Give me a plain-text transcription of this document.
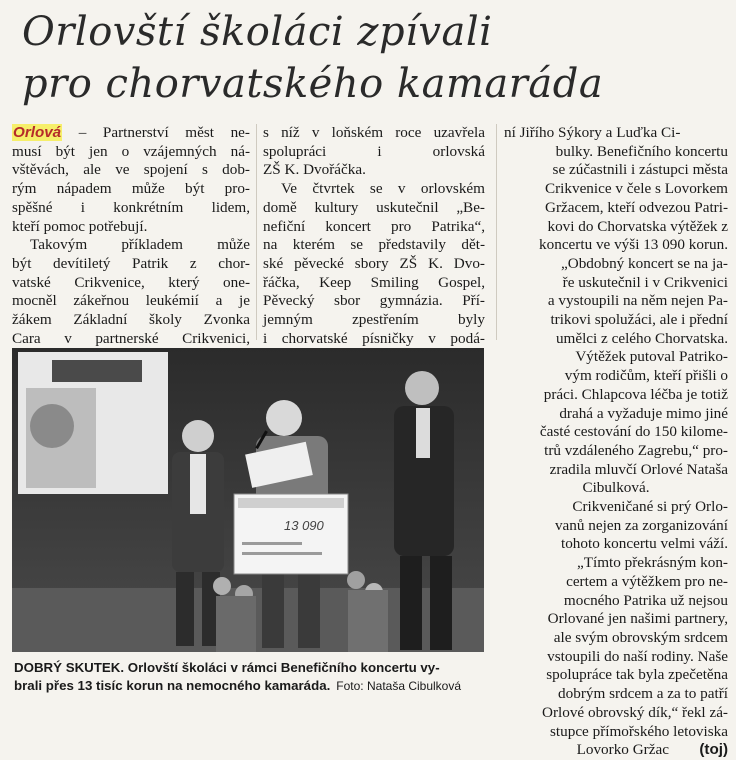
Orlovští školáci zpívali
pro chorvatského kamaráda
Orlová – Partnerství měst ne-
musí být jen o vzájemných ná-
vštěvách, ale ve spojení s dob-
rým nápadem může být pro-
spěšné i konkrétním lidem,
kteří pomoc potřebují.
Takovým příkladem může
být devítiletý Patrik z chor-
vatské Crikvenice, který one-
mocněl zákeřnou leukémií a je
žákem Základní školy Zvonka
Cara v partnerské Crikvenici,
s níž v loňském roce uzavřela
spolupráci i orlovská
ZŠ K. Dvořáčka.
Ve čtvrtek se v orlovském
domě kultury uskutečnil „Be-
nefiční koncert pro Patrika“,
na kterém se představily dět-
ské pěvecké sbory ZŠ K. Dvo-
řáčka, Keep Smiling Gospel,
Pěvecký sbor gymnázia. Pří-
jemným zpestřením byly
i chorvatské písničky v podá-
ní Jiřího Sýkory a Luďka Ci-
bulky. Benefičního koncertu
se zúčastnili i zástupci města
Crikvenice v čele s Lovorkem
Gržacem, kteří odvezou Patri-
kovi do Chorvatska výtěžek z
koncertu ve výši 13 090 korun.
„Obdobný koncert se na ja-
ře uskutečnil i v Crikvenici
a vystoupili na něm nejen Pa-
trikovi spolužáci, ale i přední
umělci z celého Chorvatska.
Výtěžek putoval Patriko-
vým rodičům, kteří přišli o
práci. Chlapcova léčba je totiž
drahá a vyžaduje mimo jiné
časté cestování do 150 kilome-
trů vzdáleného Zagrebu,“ pro-
zradila mluvčí Orlové Nataša
Cibulková.
Crikveničané si prý Orlo-
vanů nejen za zorganizování
tohoto koncertu velmi váží.
„Tímto překrásným kon-
certem a výtěžkem pro ne-
mocného Patrika už nejsou
Orlované jen našimi partnery,
ale svým obrovským srdcem
vstoupili do naší rodiny. Naše
spolupráce tak byla zpečetěna
dobrým srdcem a za to patří
Orlové obrovský dík,“ řekl zá-
stupce přímořského letoviska
Lovorko Gržac (toj)
13 090
DOBRÝ SKUTEK. Orlovští školáci v rámci Benefičního koncertu vy-
brali přes 13 tisíc korun na nemocného kamaráda. Foto: Nataša Cibulková
